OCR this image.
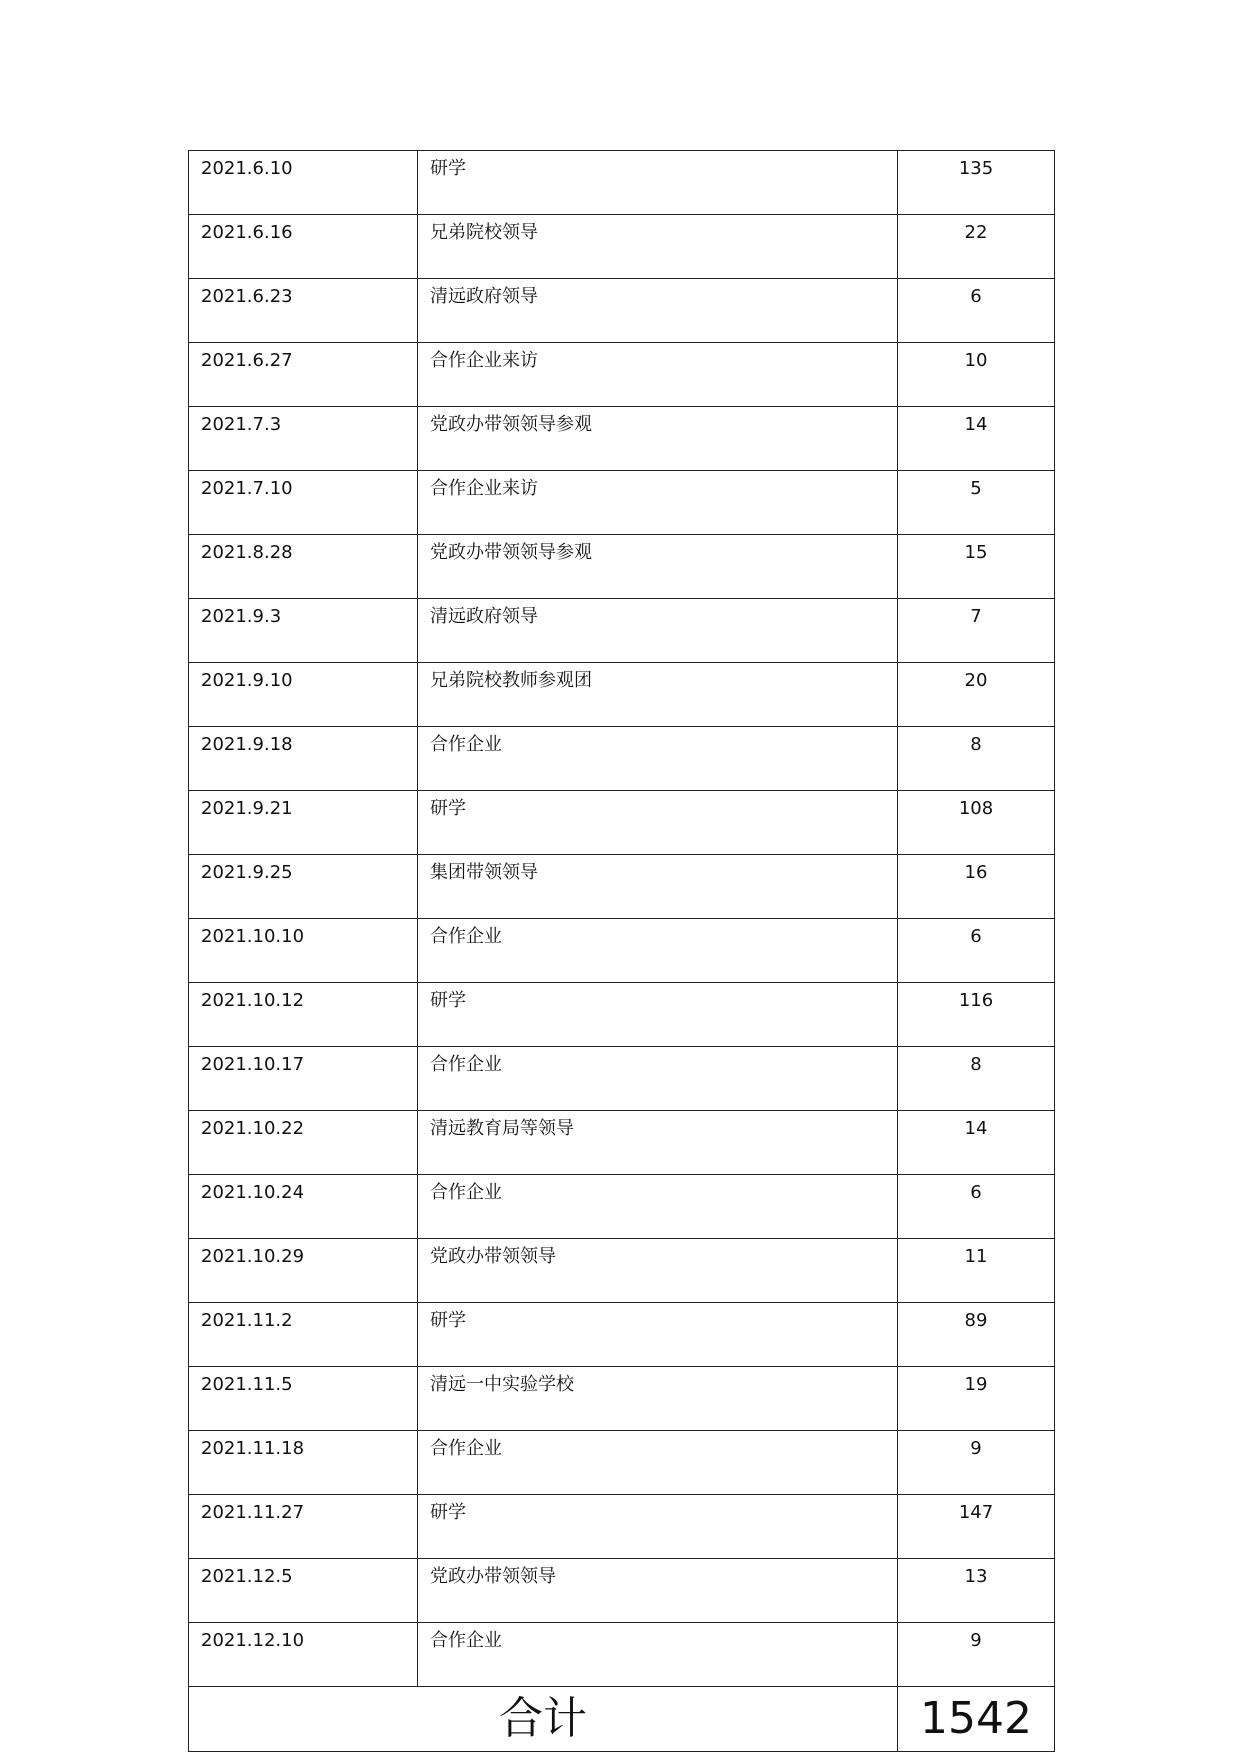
2021.6.10	研学	135
2021.6.16	兄弟院校领导	22
2021.6.23	清远政府领导	6
2021.6.27	合作企业来访	10
2021.7.3	党政办带领领导参观	14
2021.7.10	合作企业来访	5
2021.8.28	党政办带领领导参观	15
2021.9.3	清远政府领导	7
2021.9.10	兄弟院校教师参观团	20
2021.9.18	合作企业	8
2021.9.21	研学	108
2021.9.25	集团带领领导	16
2021.10.10	合作企业	6
2021.10.12	研学	116
2021.10.17	合作企业	8
2021.10.22	清远教育局等领导	14
2021.10.24	合作企业	6
2021.10.29	党政办带领领导	11
2021.11.2	研学	89
2021.11.5	清远一中实验学校	19
2021.11.18	合作企业	9
2021.11.27	研学	147
2021.12.5	党政办带领领导	13
2021.12.10	合作企业	9
合计		1542
